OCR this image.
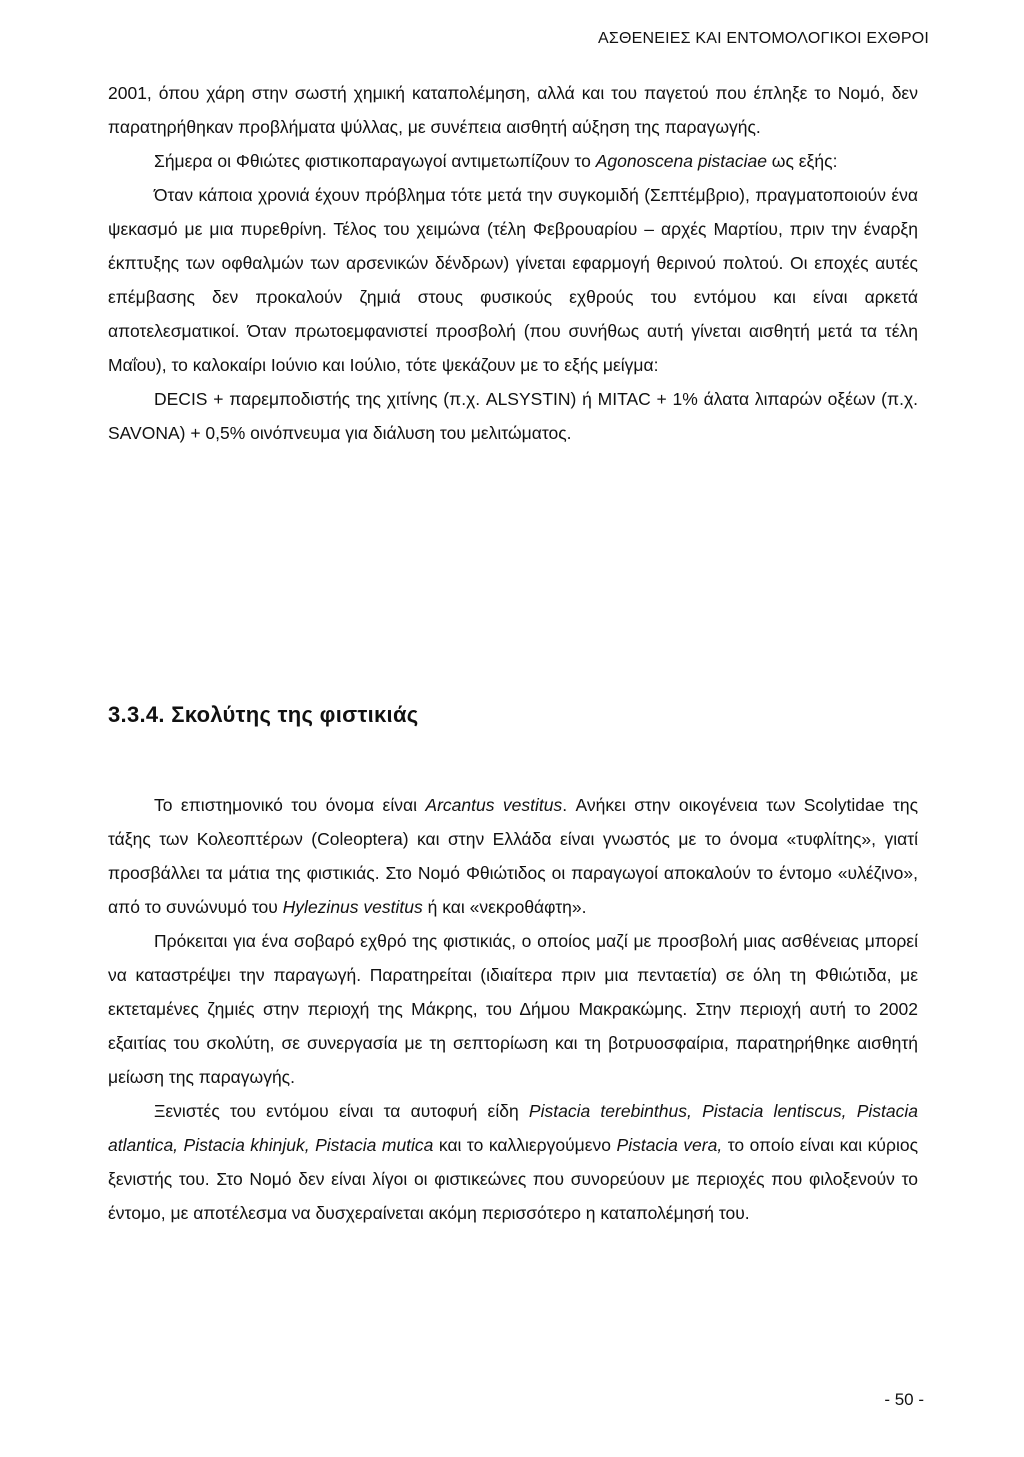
ΑΣΘΕΝΕΙΕΣ ΚΑΙ ΕΝΤΟΜΟΛΟΓΙΚΟΙ ΕΧΘΡΟΙ

2001, όπου χάρη στην σωστή χημική καταπολέμηση, αλλά και του παγετού που έπληξε το Νομό, δεν παρατηρήθηκαν προβλήματα ψύλλας, με συνέπεια αισθητή αύξηση της παραγωγής.

Σήμερα οι Φθιώτες φιστικοπαραγωγοί αντιμετωπίζουν το Agonoscena pistaciae ως εξής:

Όταν κάποια χρονιά έχουν πρόβλημα τότε μετά την συγκομιδή (Σεπτέμβριο), πραγματοποιούν ένα ψεκασμό με μια πυρεθρίνη. Τέλος του χειμώνα (τέλη Φεβρουαρίου – αρχές Μαρτίου, πριν την έναρξη έκπτυξης των οφθαλμών των αρσενικών δένδρων) γίνεται εφαρμογή θερινού πολτού. Οι εποχές αυτές επέμβασης δεν προκαλούν ζημιά στους φυσικούς εχθρούς του εντόμου και είναι αρκετά αποτελεσματικοί. Όταν πρωτοεμφανιστεί προσβολή (που συνήθως αυτή γίνεται αισθητή μετά τα τέλη Μαΐου), το καλοκαίρι Ιούνιο και Ιούλιο, τότε ψεκάζουν με το εξής μείγμα:

DECIS + παρεμποδιστής της χιτίνης (π.χ. ALSYSTIN) ή MITAC + 1% άλατα λιπαρών οξέων (π.χ. SAVONA) + 0,5% οινόπνευμα για διάλυση του μελιτώματος.

3.3.4. Σκολύτης της φιστικιάς

Το επιστημονικό του όνομα είναι Arcantus vestitus. Ανήκει στην οικογένεια των Scolytidae της τάξης των Κολεοπτέρων (Coleoptera) και στην Ελλάδα είναι γνωστός με το όνομα «τυφλίτης», γιατί προσβάλλει τα μάτια της φιστικιάς. Στο Νομό Φθιώτιδος οι παραγωγοί αποκαλούν το έντομο «υλέζινο», από το συνώνυμό του Hylezinus vestitus ή και «νεκροθάφτη».

Πρόκειται για ένα σοβαρό εχθρό της φιστικιάς, ο οποίος μαζί με προσβολή μιας ασθένειας μπορεί να καταστρέψει την παραγωγή. Παρατηρείται (ιδιαίτερα πριν μια πενταετία) σε όλη τη Φθιώτιδα, με εκτεταμένες ζημιές στην περιοχή της Μάκρης, του Δήμου Μακρακώμης. Στην περιοχή αυτή το 2002 εξαιτίας του σκολύτη, σε συνεργασία με τη σεπτορίωση και τη βοτρυοσφαίρια, παρατηρήθηκε αισθητή μείωση της παραγωγής.

Ξενιστές του εντόμου είναι τα αυτοφυή είδη Pistacia terebinthus, Pistacia lentiscus, Pistacia atlantica, Pistacia khinjuk, Pistacia mutica και το καλλιεργούμενο Pistacia vera, το οποίο είναι και κύριος ξενιστής του. Στο Νομό δεν είναι λίγοι οι φιστικεώνες που συνορεύουν με περιοχές που φιλοξενούν το έντομο, με αποτέλεσμα να δυσχεραίνεται ακόμη περισσότερο η καταπολέμησή του.

- 50 -
